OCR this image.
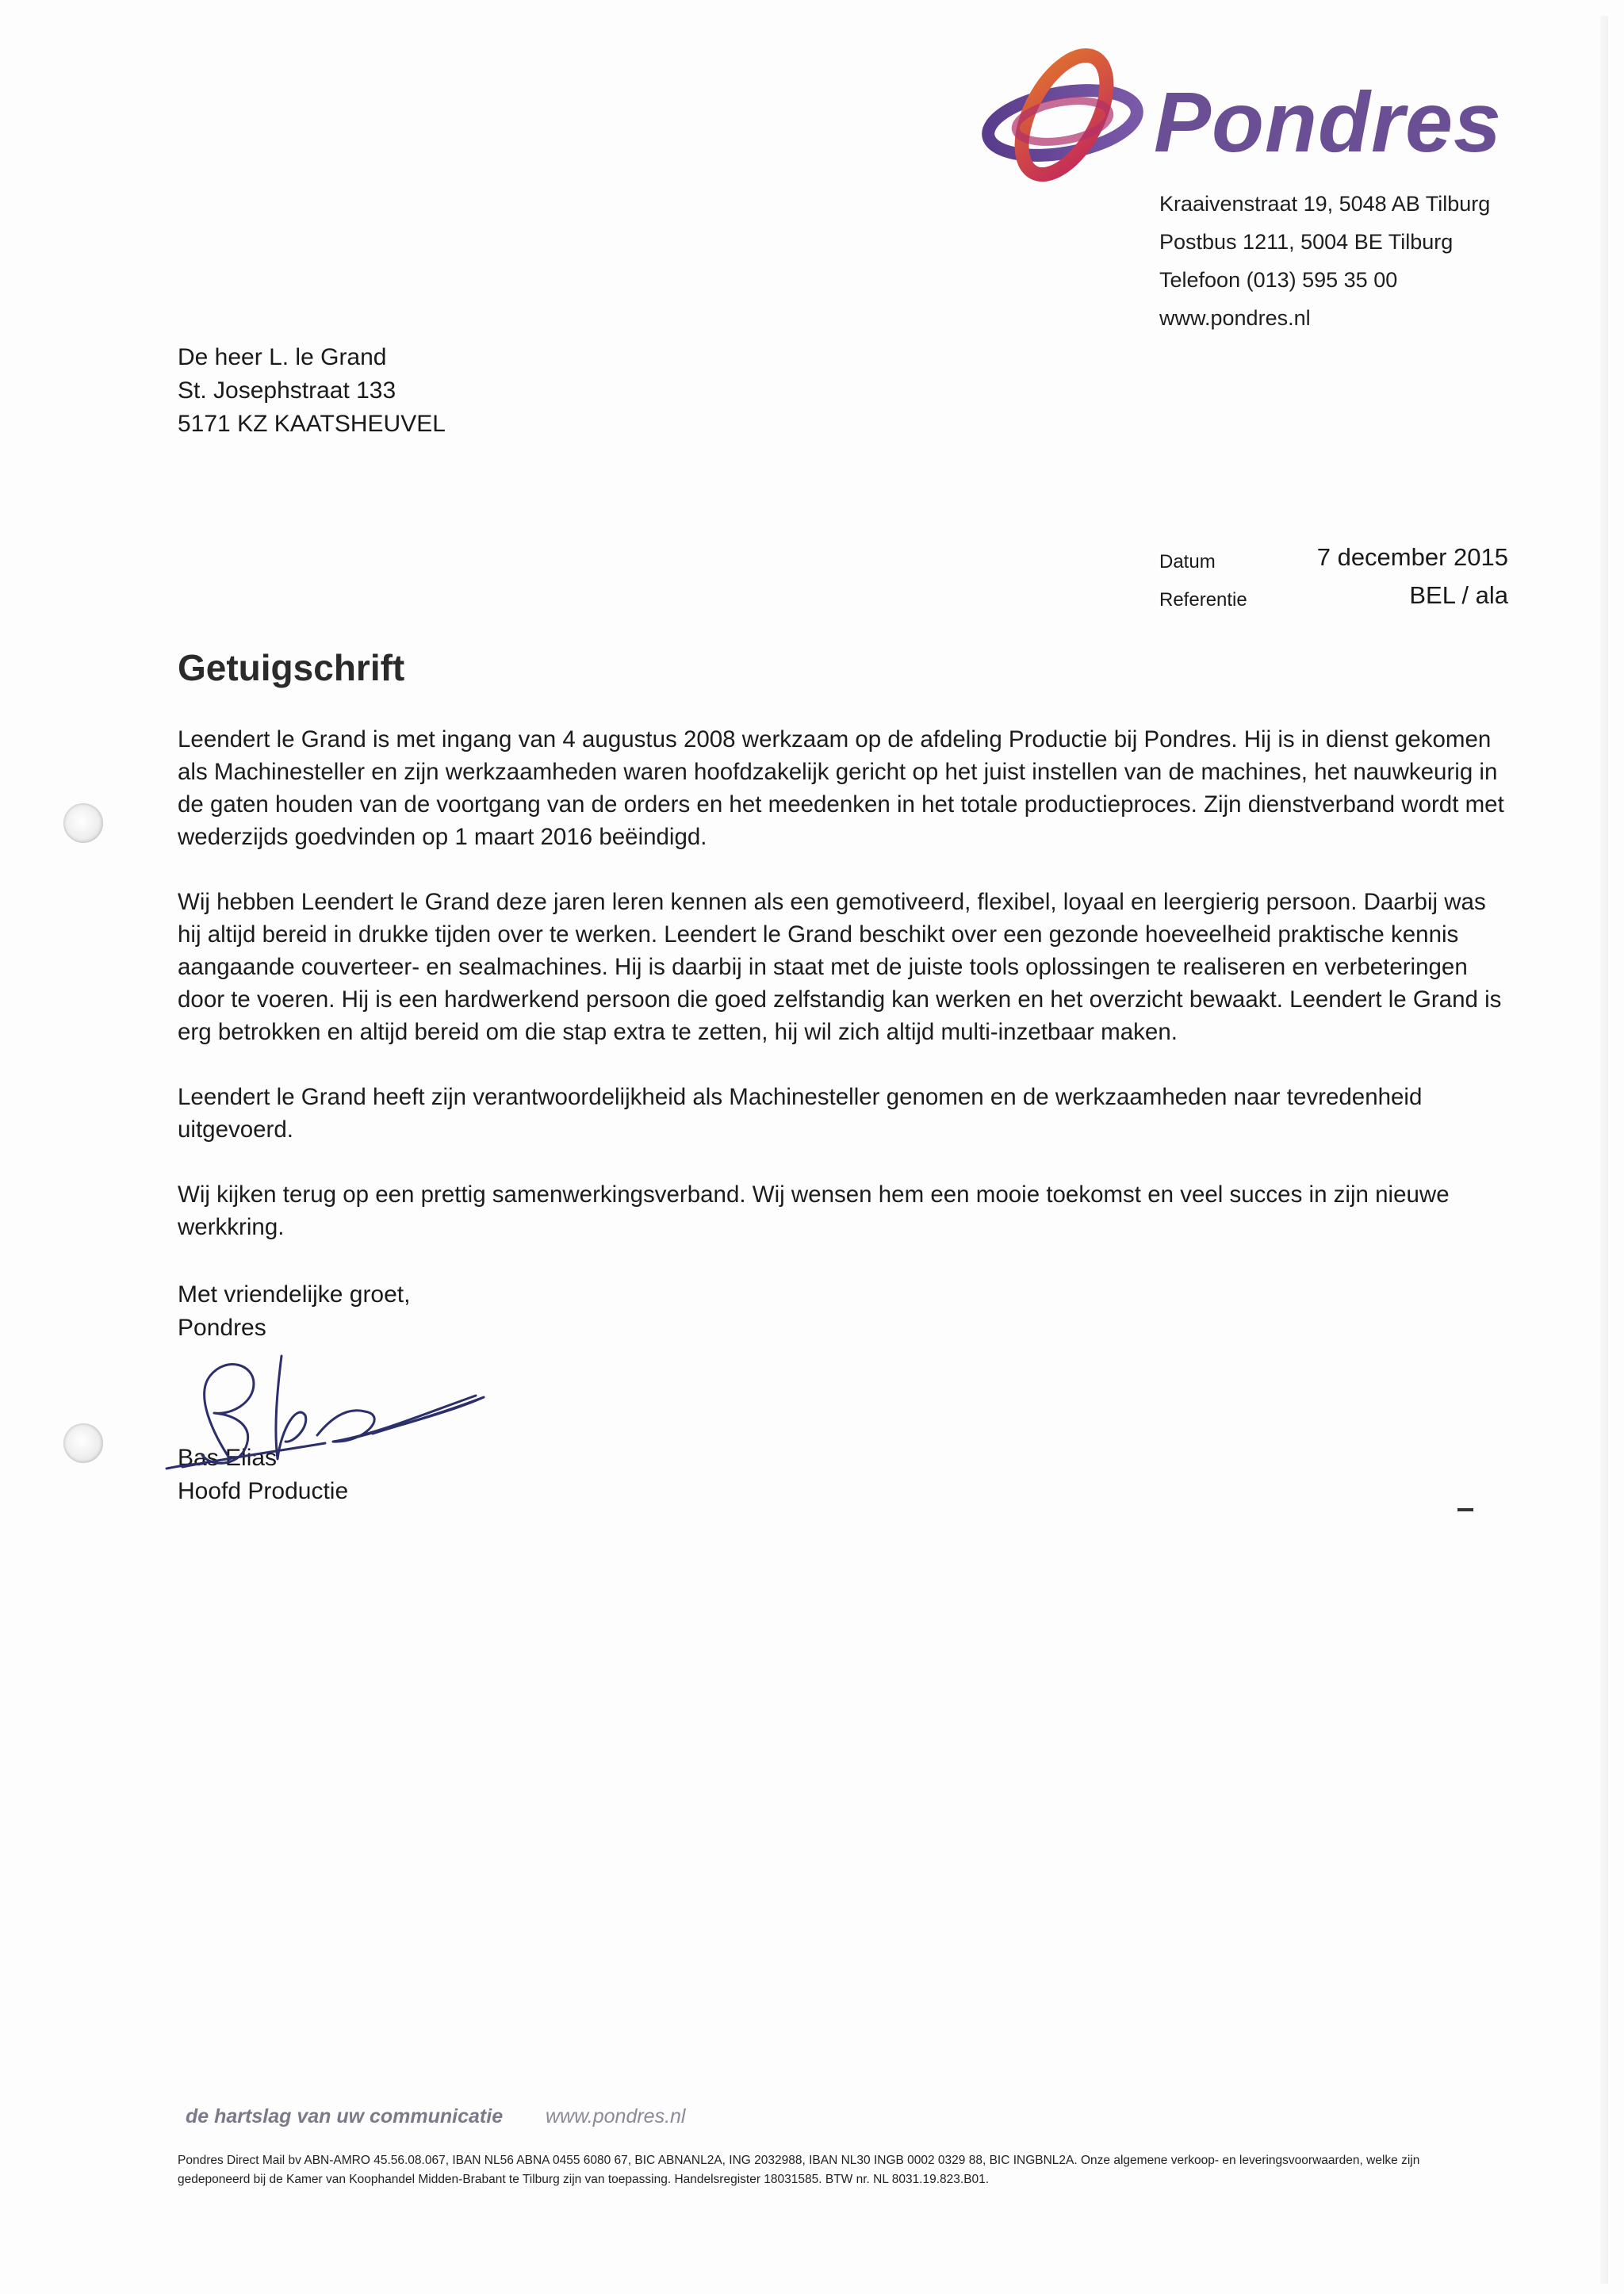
Pondres
Kraaivenstraat 19, 5048 AB Tilburg
Postbus 1211, 5004 BE Tilburg
Telefoon (013) 595 35 00
www.pondres.nl
De heer L. le Grand
St. Josephstraat 133
5171 KZ KAATSHEUVEL
Datum	7 december 2015
Referentie	BEL / ala
Getuigschrift

Leendert le Grand is met ingang van 4 augustus 2008 werkzaam op de afdeling Productie bij Pondres. Hij is in dienst gekomen als Machinesteller en zijn werkzaamheden waren hoofdzakelijk gericht op het juist instellen van de machines, het nauwkeurig in de gaten houden van de voortgang van de orders en het meedenken in het totale productieproces. Zijn dienstverband wordt met wederzijds goedvinden op 1 maart 2016 beëindigd.

Wij hebben Leendert le Grand deze jaren leren kennen als een gemotiveerd, flexibel, loyaal en leergierig persoon. Daarbij was hij altijd bereid in drukke tijden over te werken. Leendert le Grand beschikt over een gezonde hoeveelheid praktische kennis aangaande couverteer- en sealmachines. Hij is daarbij in staat met de juiste tools oplossingen te realiseren en verbeteringen door te voeren. Hij is een hardwerkend persoon die goed zelfstandig kan werken en het overzicht bewaakt. Leendert le Grand is erg betrokken en altijd bereid om die stap extra te zetten, hij wil zich altijd multi-inzetbaar maken.

Leendert le Grand heeft zijn verantwoordelijkheid als Machinesteller genomen en de werkzaamheden naar tevredenheid uitgevoerd.

Wij kijken terug op een prettig samenwerkingsverband. Wij wensen hem een mooie toekomst en veel succes in zijn nieuwe werkkring.

Met vriendelijke groet,
Pondres
Bas Elias
Hoofd Productie
de hartslag van uw communicatie www.pondres.nl
Pondres Direct Mail bv ABN-AMRO 45.56.08.067, IBAN NL56 ABNA 0455 6080 67, BIC ABNANL2A, ING 2032988, IBAN NL30 INGB 0002 0329 88, BIC INGBNL2A. Onze algemene verkoop- en leveringsvoorwaarden, welke zijn gedeponeerd bij de Kamer van Koophandel Midden-Brabant te Tilburg zijn van toepassing. Handelsregister 18031585. BTW nr. NL 8031.19.823.B01.
